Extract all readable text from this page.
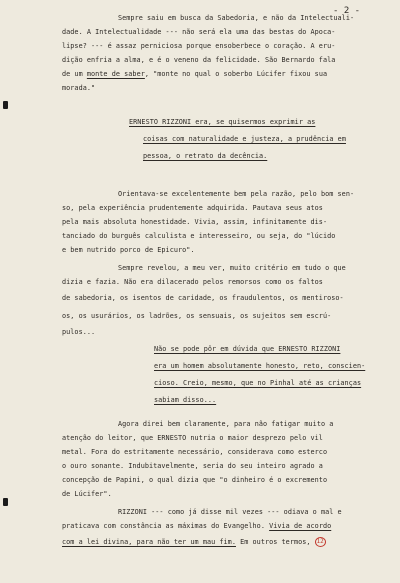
- 2 -
Sempre saiu em busca da Sabedoria, e não da Intelectuali-
dade. A Intelectualidade --- não será ela uma das bestas do Apoca-
lipse? --- é assaz perniciosa porque ensoberbece o coração. A eru-
dição enfria a alma, e é o veneno da felicidade. São Bernardo fala
de um monte de saber, "monte no qual o soberbo Lúcifer fixou sua
morada."
ERNESTO RIZZONI era, se quisermos exprimir as
coisas com naturalidade e justeza, a prudência em
pessoa, o retrato da decência.
Orientava-se excelentemente bem pela razão, pelo bom sen-
so, pela experiência prudentemente adquirida. Pautava seus atos
pela mais absoluta honestidade. Vivia, assim, infinitamente dis-
tanciado do burguês calculista e interesseiro, ou seja, do "lúcido
e bem nutrido porco de Epicuro".
Sempre revelou, a meu ver, muito critério em tudo o que
dizia e fazia. Não era dilacerado pelos remorsos como os faltos
de sabedoria, os isentos de caridade, os fraudulentos, os mentiroso-
os, os usurários, os ladrões, os sensuais, os sujeitos sem escrú-
pulos...
Não se pode pôr em dúvida que ERNESTO RIZZONI
era um homem absolutamente honesto, reto, conscien-
cioso. Creio, mesmo, que no Pinhal até as crianças
sabiam disso...
Agora direi bem claramente, para não fatigar muito a
atenção do leitor, que ERNESTO nutria o maior desprezo pelo vil
metal. Fora do estritamente necessário, considerava como esterco
o ouro sonante. Indubitavelmente, seria do seu inteiro agrado a
concepção de Papini, o qual dizia que "o dinheiro é o excremento
de Lúcifer".
RIZZONI --- como já disse mil vezes --- odiava o mal e
praticava com constância as máximas do Evangelho. Vivia de acordo
com a lei divina, para não ter um mau fim. Em outros termos, 12
